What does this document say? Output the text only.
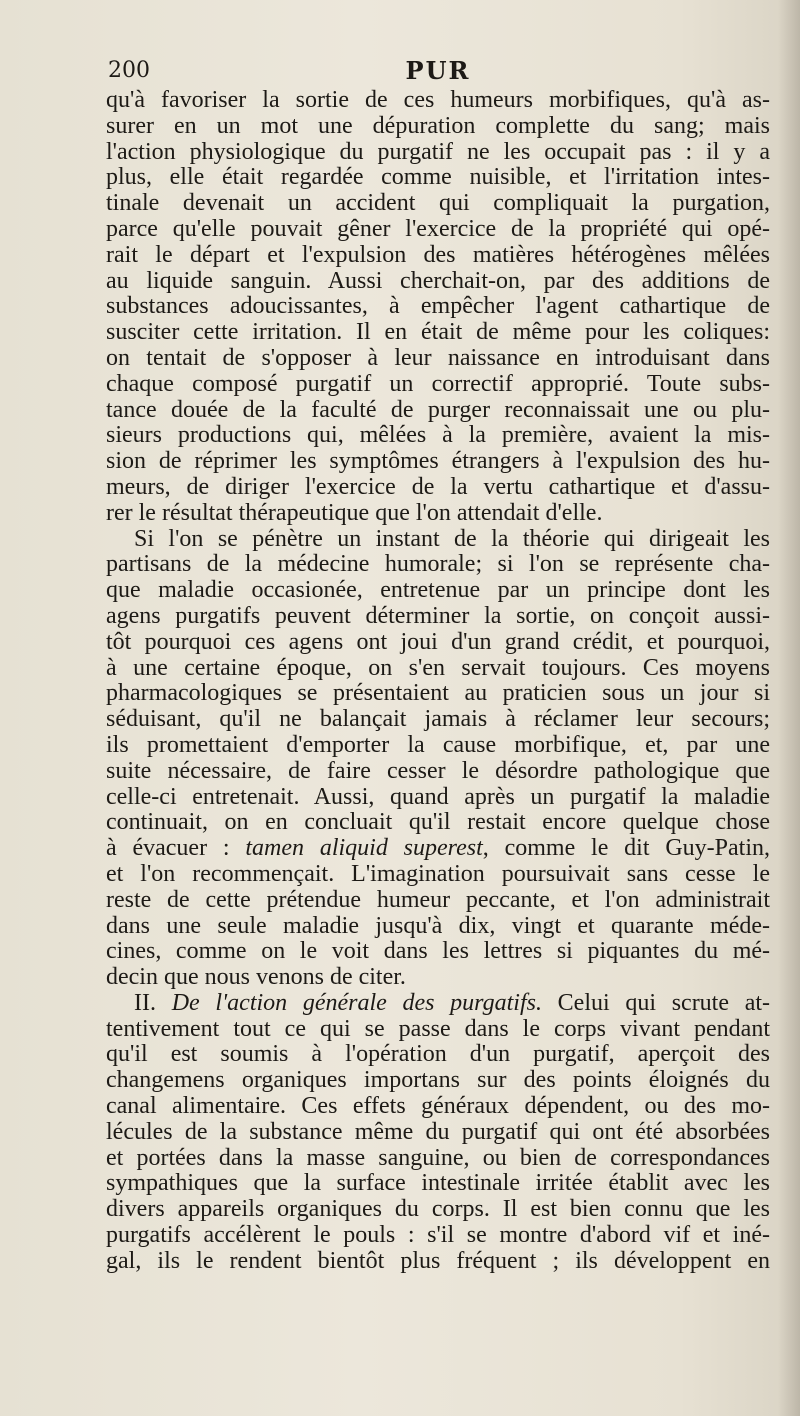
200	PUR

qu'à favoriser la sortie de ces humeurs morbifiques, qu'à as-
surer en un mot une dépuration complette du sang; mais
l'action physiologique du purgatif ne les occupait pas : il y a
plus, elle était regardée comme nuisible, et l'irritation intes-
tinale devenait un accident qui compliquait la purgation,
parce qu'elle pouvait gêner l'exercice de la propriété qui opé-
rait le départ et l'expulsion des matières hétérogènes mêlées
au liquide sanguin. Aussi cherchait-on, par des additions de
substances adoucissantes, à empêcher l'agent cathartique de
susciter cette irritation. Il en était de même pour les coliques:
on tentait de s'opposer à leur naissance en introduisant dans
chaque composé purgatif un correctif approprié. Toute subs-
tance douée de la faculté de purger reconnaissait une ou plu-
sieurs productions qui, mêlées à la première, avaient la mis-
sion de réprimer les symptômes étrangers à l'expulsion des hu-
meurs, de diriger l'exercice de la vertu cathartique et d'assu-
rer le résultat thérapeutique que l'on attendait d'elle.

Si l'on se pénètre un instant de la théorie qui dirigeait les
partisans de la médecine humorale; si l'on se représente cha-
que maladie occasionée, entretenue par un principe dont les
agens purgatifs peuvent déterminer la sortie, on conçoit aussi-
tôt pourquoi ces agens ont joui d'un grand crédit, et pourquoi,
à une certaine époque, on s'en servait toujours. Ces moyens
pharmacologiques se présentaient au praticien sous un jour si
séduisant, qu'il ne balançait jamais à réclamer leur secours;
ils promettaient d'emporter la cause morbifique, et, par une
suite nécessaire, de faire cesser le désordre pathologique que
celle-ci entretenait. Aussi, quand après un purgatif la maladie
continuait, on en concluait qu'il restait encore quelque chose
à évacuer : tamen aliquid superest, comme le dit Guy-Patin,
et l'on recommençait. L'imagination poursuivait sans cesse le
reste de cette prétendue humeur peccante, et l'on administrait
dans une seule maladie jusqu'à dix, vingt et quarante méde-
cines, comme on le voit dans les lettres si piquantes du mé-
decin que nous venons de citer.

II. De l'action générale des purgatifs. Celui qui scrute at-
tentivement tout ce qui se passe dans le corps vivant pendant
qu'il est soumis à l'opération d'un purgatif, aperçoit des
changemens organiques importans sur des points éloignés du
canal alimentaire. Ces effets généraux dépendent, ou des mo-
lécules de la substance même du purgatif qui ont été absorbées
et portées dans la masse sanguine, ou bien de correspondances
sympathiques que la surface intestinale irritée établit avec les
divers appareils organiques du corps. Il est bien connu que les
purgatifs accélèrent le pouls : s'il se montre d'abord vif et iné-
gal, ils le rendent bientôt plus fréquent ; ils développent en
